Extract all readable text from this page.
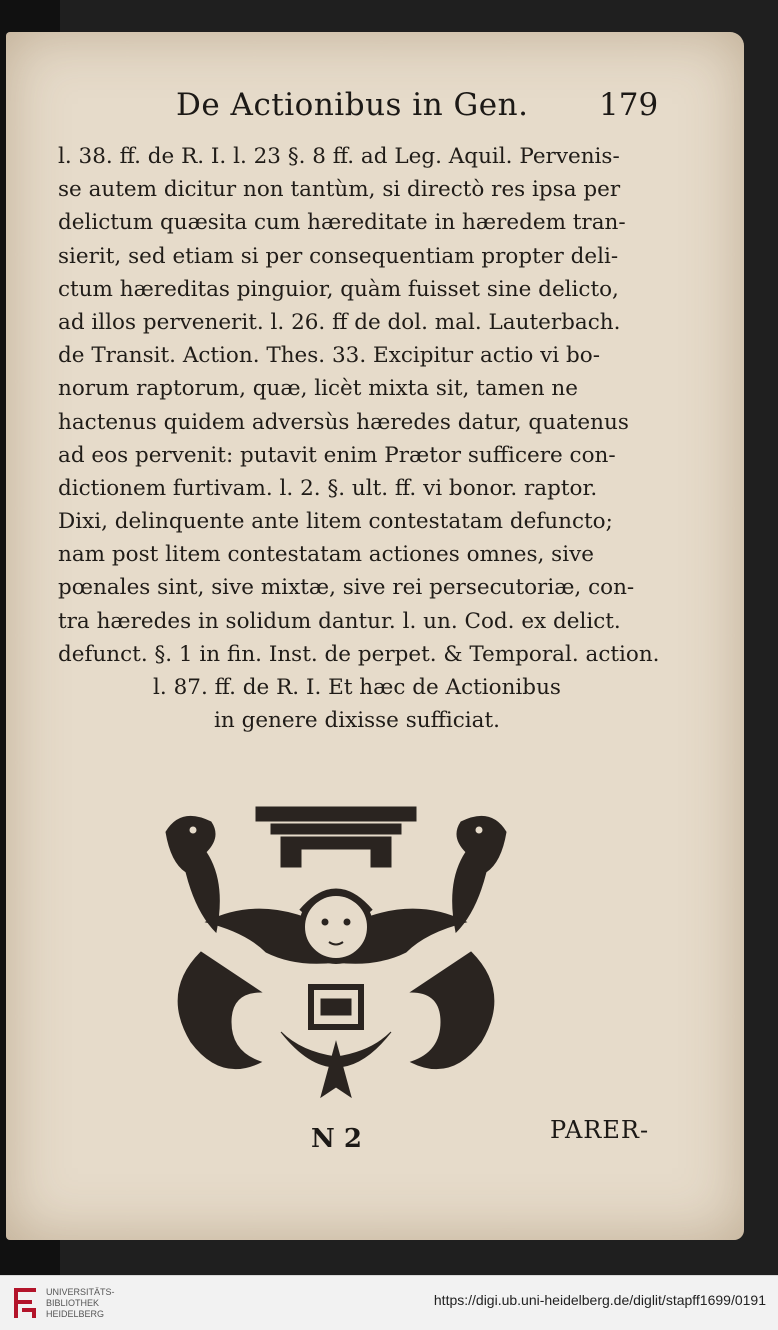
De Actionibus in Gen. 179
l. 38. ff. de R. I. l. 23 §. 8 ff. ad Leg. Aquil. Pervenis-
se autem dicitur non tantùm, si directò res ipsa per
delictum quæsita cum hæreditate in hæredem tran-
sierit, sed etiam si per consequentiam propter deli-
ctum hæreditas pinguior, quàm fuisset sine delicto,
ad illos pervenerit. l. 26. ff de dol. mal. Lauterbach.
de Transit. Action. Thes. 33. Excipitur actio vi bo-
norum raptorum, quæ, licèt mixta sit, tamen ne
hactenus quidem adversùs hæredes datur, quatenus
ad eos pervenit: putavit enim Prætor sufficere con-
dictionem furtivam. l. 2. §. ult. ff. vi bonor. raptor.
Dixi, delinquente ante litem contestatam defuncto;
nam post litem contestatam actiones omnes, sive
pœnales sint, sive mixtæ, sive rei persecutoriæ, con-
tra hæredes in solidum dantur. l. un. Cod. ex delict.
defunct. §. 1 in fin. Inst. de perpet. & Temporal. action.
l. 87. ff. de R. I. Et hæc de Actionibus
in genere dixisse sufficiat.
N 2	PARER-
UNIVERSITÄTS-
BIBLIOTHEK
HEIDELBERG
https://digi.ub.uni-heidelberg.de/diglit/stapff1699/0191
